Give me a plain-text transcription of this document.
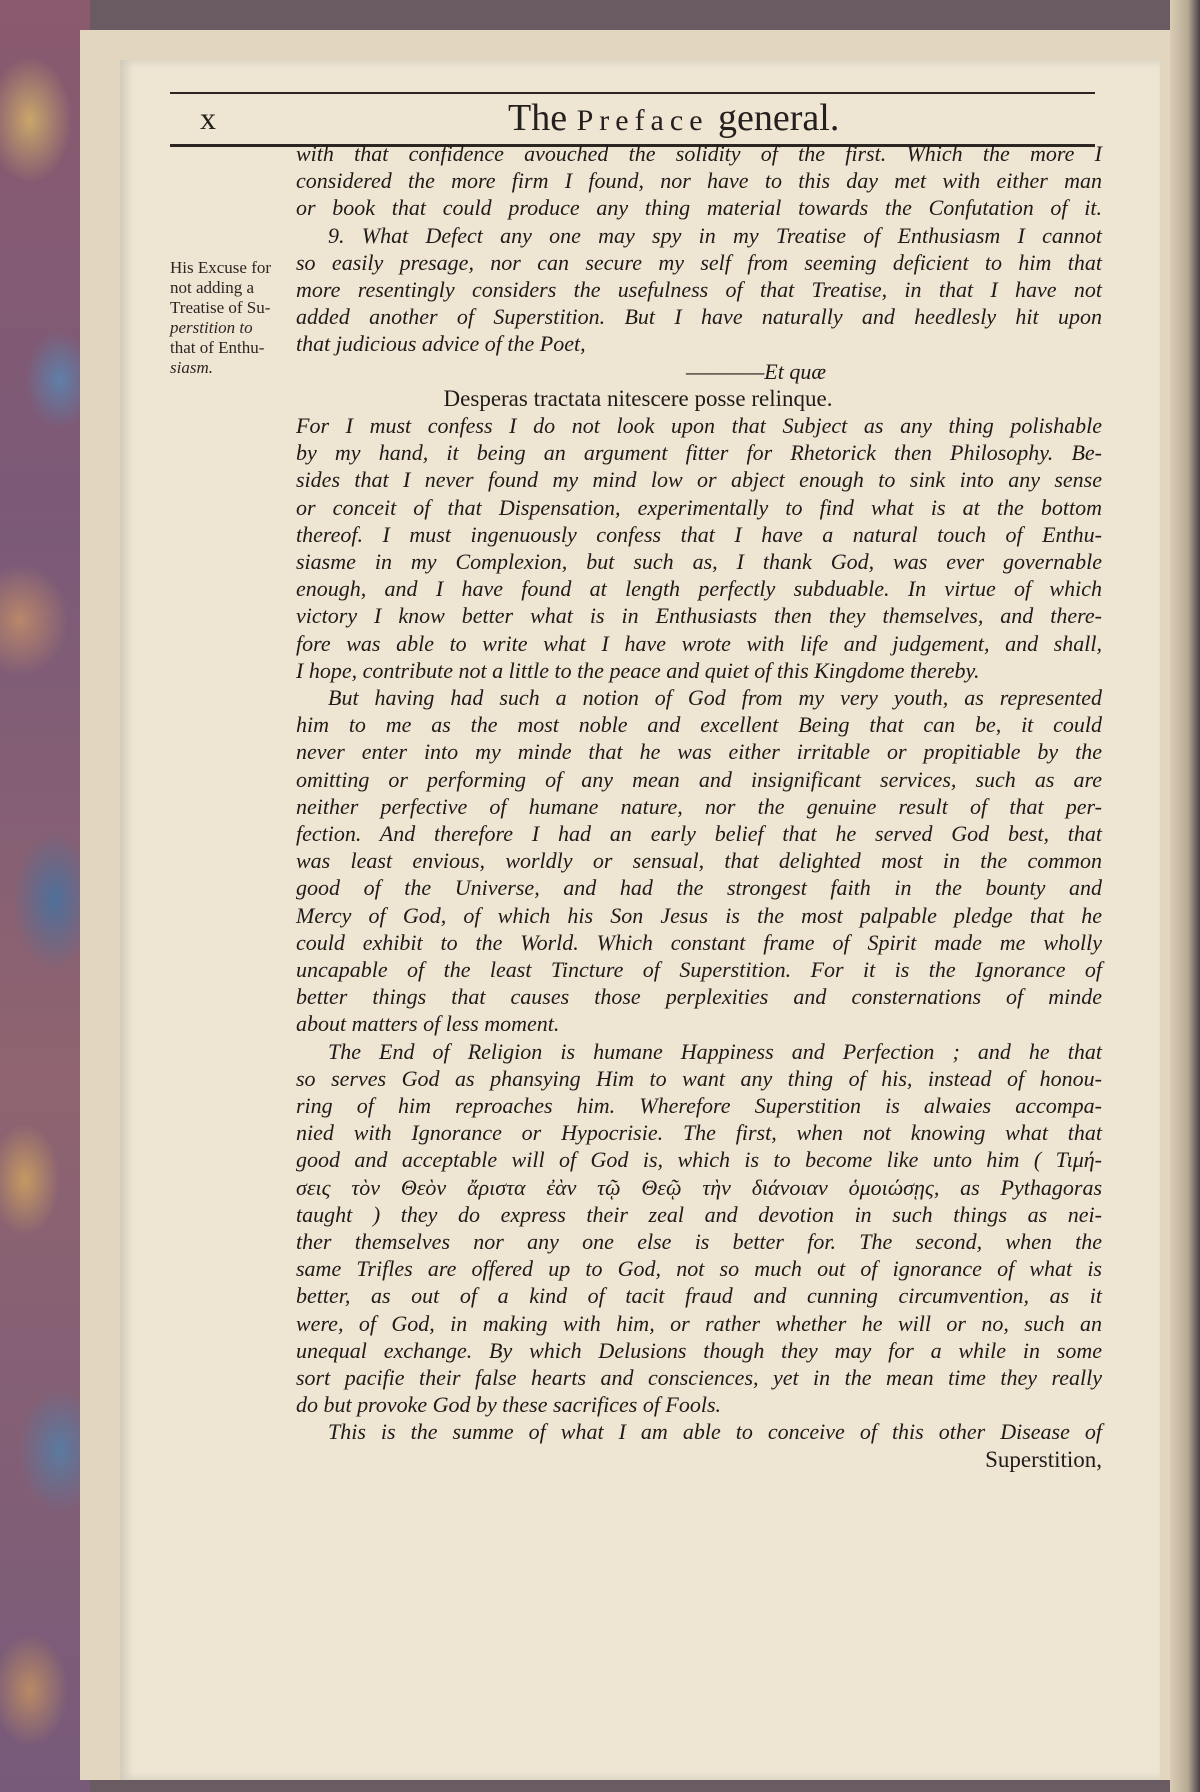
x	The Preface general.
His Excuse for
not adding a
Treatise of Su-
perstition to
that of Enthu-
siasm.
with that confidence avouched the solidity of the first. Which the more I
considered the more firm I found, nor have to this day met with either man
or book that could produce any thing material towards the Confutation of it.
9. What Defect any one may spy in my Treatise of Enthusiasm I cannot
so easily presage, nor can secure my self from seeming deficient to him that
more resentingly considers the usefulness of that Treatise, in that I have not
added another of Superstition. But I have naturally and heedlesly hit upon
that judicious advice of the Poet,
————Et quæ
Desperas tractata nitescere posse relinque.
For I must confess I do not look upon that Subject as any thing polishable
by my hand, it being an argument fitter for Rhetorick then Philosophy. Be-
sides that I never found my mind low or abject enough to sink into any sense
or conceit of that Dispensation, experimentally to find what is at the bottom
thereof. I must ingenuously confess that I have a natural touch of Enthu-
siasme in my Complexion, but such as, I thank God, was ever governable
enough, and I have found at length perfectly subduable. In virtue of which
victory I know better what is in Enthusiasts then they themselves, and there-
fore was able to write what I have wrote with life and judgement, and shall,
I hope, contribute not a little to the peace and quiet of this Kingdome thereby.
But having had such a notion of God from my very youth, as represented
him to me as the most noble and excellent Being that can be, it could
never enter into my minde that he was either irritable or propitiable by the
omitting or performing of any mean and insignificant services, such as are
neither perfective of humane nature, nor the genuine result of that per-
fection. And therefore I had an early belief that he served God best, that
was least envious, worldly or sensual, that delighted most in the common
good of the Universe, and had the strongest faith in the bounty and
Mercy of God, of which his Son Jesus is the most palpable pledge that he
could exhibit to the World. Which constant frame of Spirit made me wholly
uncapable of the least Tincture of Superstition. For it is the Ignorance of
better things that causes those perplexities and consternations of minde
about matters of less moment.
The End of Religion is humane Happiness and Perfection ; and he that
so serves God as phansying Him to want any thing of his, instead of honou-
ring of him reproaches him. Wherefore Superstition is alwaies accompa-
nied with Ignorance or Hypocrisie. The first, when not knowing what that
good and acceptable will of God is, which is to become like unto him ( Τιμή-
σεις τὸν Θεὸν ἄριστα ἐὰν τῷ Θεῷ τὴν διάνοιαν ὁμοιώσῃς, as Pythagoras
taught ) they do express their zeal and devotion in such things as nei-
ther themselves nor any one else is better for. The second, when the
same Trifles are offered up to God, not so much out of ignorance of what is
better, as out of a kind of tacit fraud and cunning circumvention, as it
were, of God, in making with him, or rather whether he will or no, such an
unequal exchange. By which Delusions though they may for a while in some
sort pacifie their false hearts and consciences, yet in the mean time they really
do but provoke God by these sacrifices of Fools.
This is the summe of what I am able to conceive of this other Disease of
Superstition,
